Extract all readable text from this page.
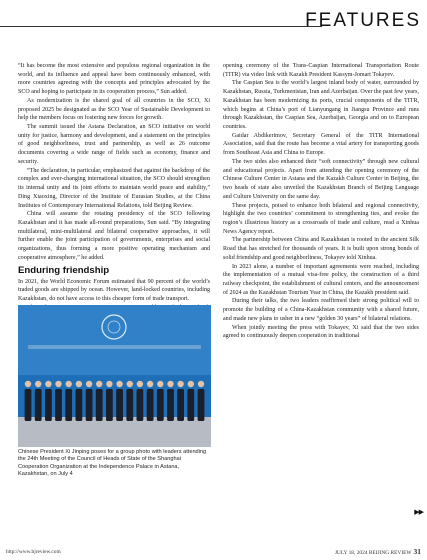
FEATURES

“It has become the most extensive and populous regional organization in the world, and its influence and appeal have been continuously enhanced, with more countries agreeing with the concepts and principles advocated by the SCO and hoping to participate in its cooperation process,” Sun added.

As modernization is the shared goal of all countries in the SCO, Xi proposed 2025 be designated as the SCO Year of Sustainable Development to help the members focus on fostering new forces for growth.

The summit issued the Astana Declaration, an SCO initiative on world unity for justice, harmony and development, and a statement on the principles of good neighborliness, trust and partnership, as well as 26 outcome documents covering a wide range of fields such as economy, finance and security.

“The declaration, in particular, emphasized that against the backdrop of the complex and ever-changing international situation, the SCO should strengthen its internal unity and its joint efforts to maintain world peace and stability,” Ding Xiaoxing, Director of the Institute of Eurasian Studies, at the China Institutes of Contemporary International Relations, told Beijing Review.

China will assume the rotating presidency of the SCO following Kazakhstan and it has made all-round preparations, Sun said. “By integrating multilateral, mini-multilateral and bilateral cooperative approaches, it will further enable the joint participation of governments, enterprises and social organizations, thus forming a more positive operating mechanism and cooperative atmosphere,” he added.

Enduring friendship

In 2021, the World Economic Forum estimated that 90 percent of the world’s traded goods are shipped by ocean. However, land-locked countries, including Kazakhstan, do not have access to this cheaper form of trade transport.

Chinese President Xi Jinping poses for a group photo with leaders attending the 24th Meeting of the Council of Heads of State of the Shanghai Cooperation Organization at the Independence Palace in Astana, Kazakhstan, on July 4

opening ceremony of the Trans-Caspian International Transportation Route (TITR) via video link with Kazakh President Kassym-Jomart Tokayev.

The Caspian Sea is the world’s largest inland body of water, surrounded by Kazakhstan, Russia, Turkmenistan, Iran and Azerbaijan. Over the past few years, Kazakhstan has been modernizing its ports, crucial components of the TITR, which begins at China’s port of Lianyungang in Jiangsu Province and runs through Kazakhstan, the Caspian Sea, Azerbaijan, Georgia and on to European countries.

Gaidar Abdikerimov, Secretary General of the TITR International Association, said that the route has become a vital artery for transporting goods from Southeast Asia and China to Europe.

The two sides also enhanced their “soft connectivity” through new cultural and educational projects. Apart from attending the opening ceremony of the Chinese Culture Center in Astana and the Kazakh Culture Center in Beijing, the two heads of state also unveiled the Kazakhstan Branch of Beijing Language and Culture University on the same day.

These projects, poised to enhance both bilateral and regional connectivity, highlight the two countries’ commitment to strengthening ties, and evoke the region’s illustrious history as a crossroads of trade and culture, read a Xinhua News Agency report.

The partnership between China and Kazakhstan is rooted in the ancient Silk Road that has stretched for thousands of years. It is built upon strong bonds of solid friendship and good neighborliness, Tokayev told Xinhua.

In 2023 alone, a number of important agreements were reached, including the implementation of a mutual visa-free policy, the construction of a third railway checkpoint, the establishment of cultural centers, and the announcement of 2024 as the Kazakhstan Tourism Year in China, the Kazakh president said.

During their talks, the two leaders reaffirmed their strong political will to promote the building of a China-Kazakhstan community with a shared future, and made new plans to usher in a new “golden 30 years” of bilateral relations.

When jointly meeting the press with Tokayev, Xi said that the two sides agreed to continuously deepen cooperation in traditional

▶▶
http://www.bjreview.com	JULY 18, 2024 BEIJING REVIEW 31
